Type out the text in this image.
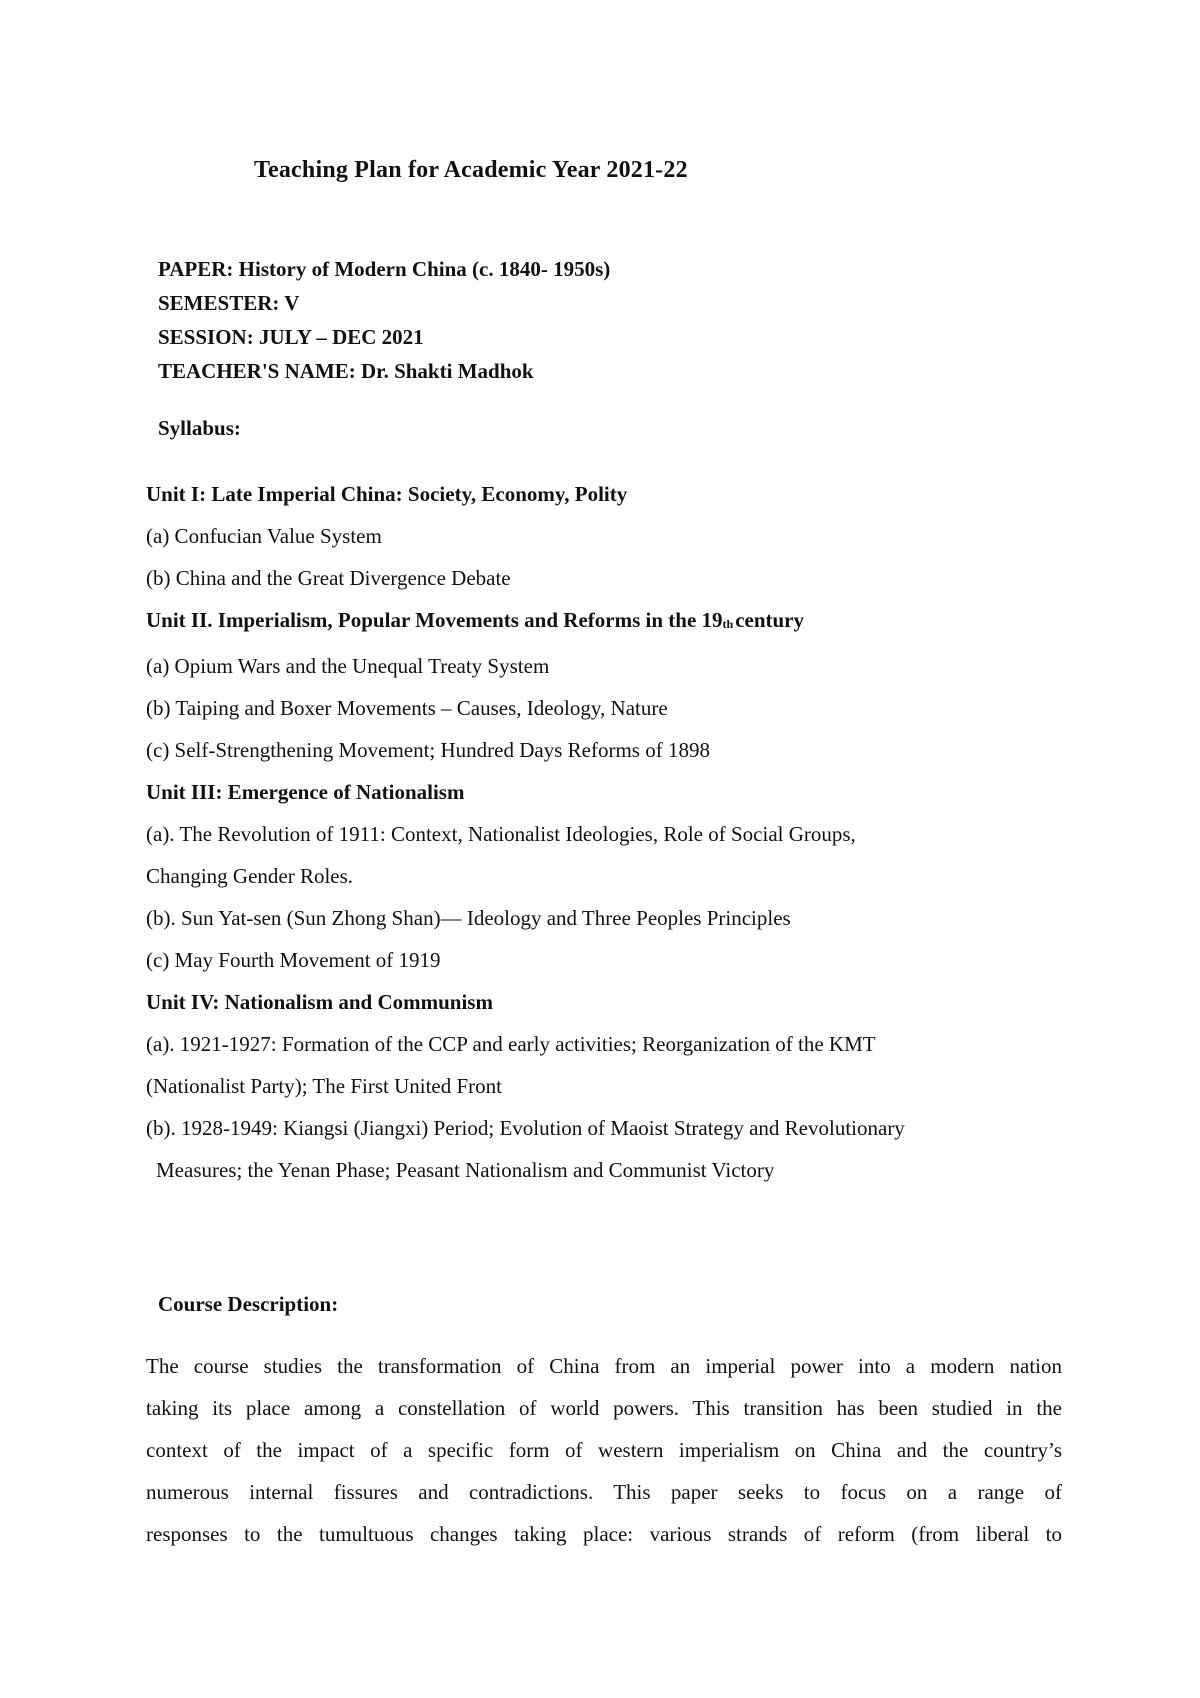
Teaching Plan for Academic Year 2021-22
PAPER: History of Modern China (c. 1840- 1950s)
SEMESTER: V
SESSION: JULY – DEC 2021
TEACHER'S NAME: Dr. Shakti Madhok
Syllabus:
Unit I: Late Imperial China: Society, Economy, Polity
(a) Confucian Value System
(b) China and the Great Divergence Debate
Unit II. Imperialism, Popular Movements and Reforms in the 19thcentury
(a) Opium Wars and the Unequal Treaty System
(b) Taiping and Boxer Movements – Causes, Ideology, Nature
(c) Self-Strengthening Movement; Hundred Days Reforms of 1898
Unit III: Emergence of Nationalism
(a). The Revolution of 1911: Context, Nationalist Ideologies, Role of Social Groups,
Changing Gender Roles.
(b). Sun Yat-sen (Sun Zhong Shan)— Ideology and Three Peoples Principles
(c) May Fourth Movement of 1919
Unit IV: Nationalism and Communism
(a). 1921-1927: Formation of the CCP and early activities; Reorganization of the KMT
(Nationalist Party); The First United Front
(b). 1928-1949: Kiangsi (Jiangxi) Period; Evolution of Maoist Strategy and Revolutionary
Measures; the Yenan Phase; Peasant Nationalism and Communist Victory
Course Description:
The course studies the transformation of China from an imperial power into a modern nation
taking its place among a constellation of world powers. This transition has been studied in the
context of the impact of a specific form of western imperialism on China and the country’s
numerous internal fissures and contradictions. This paper seeks to focus on a range of
responses to the tumultuous changes taking place: various strands of reform (from liberal to
